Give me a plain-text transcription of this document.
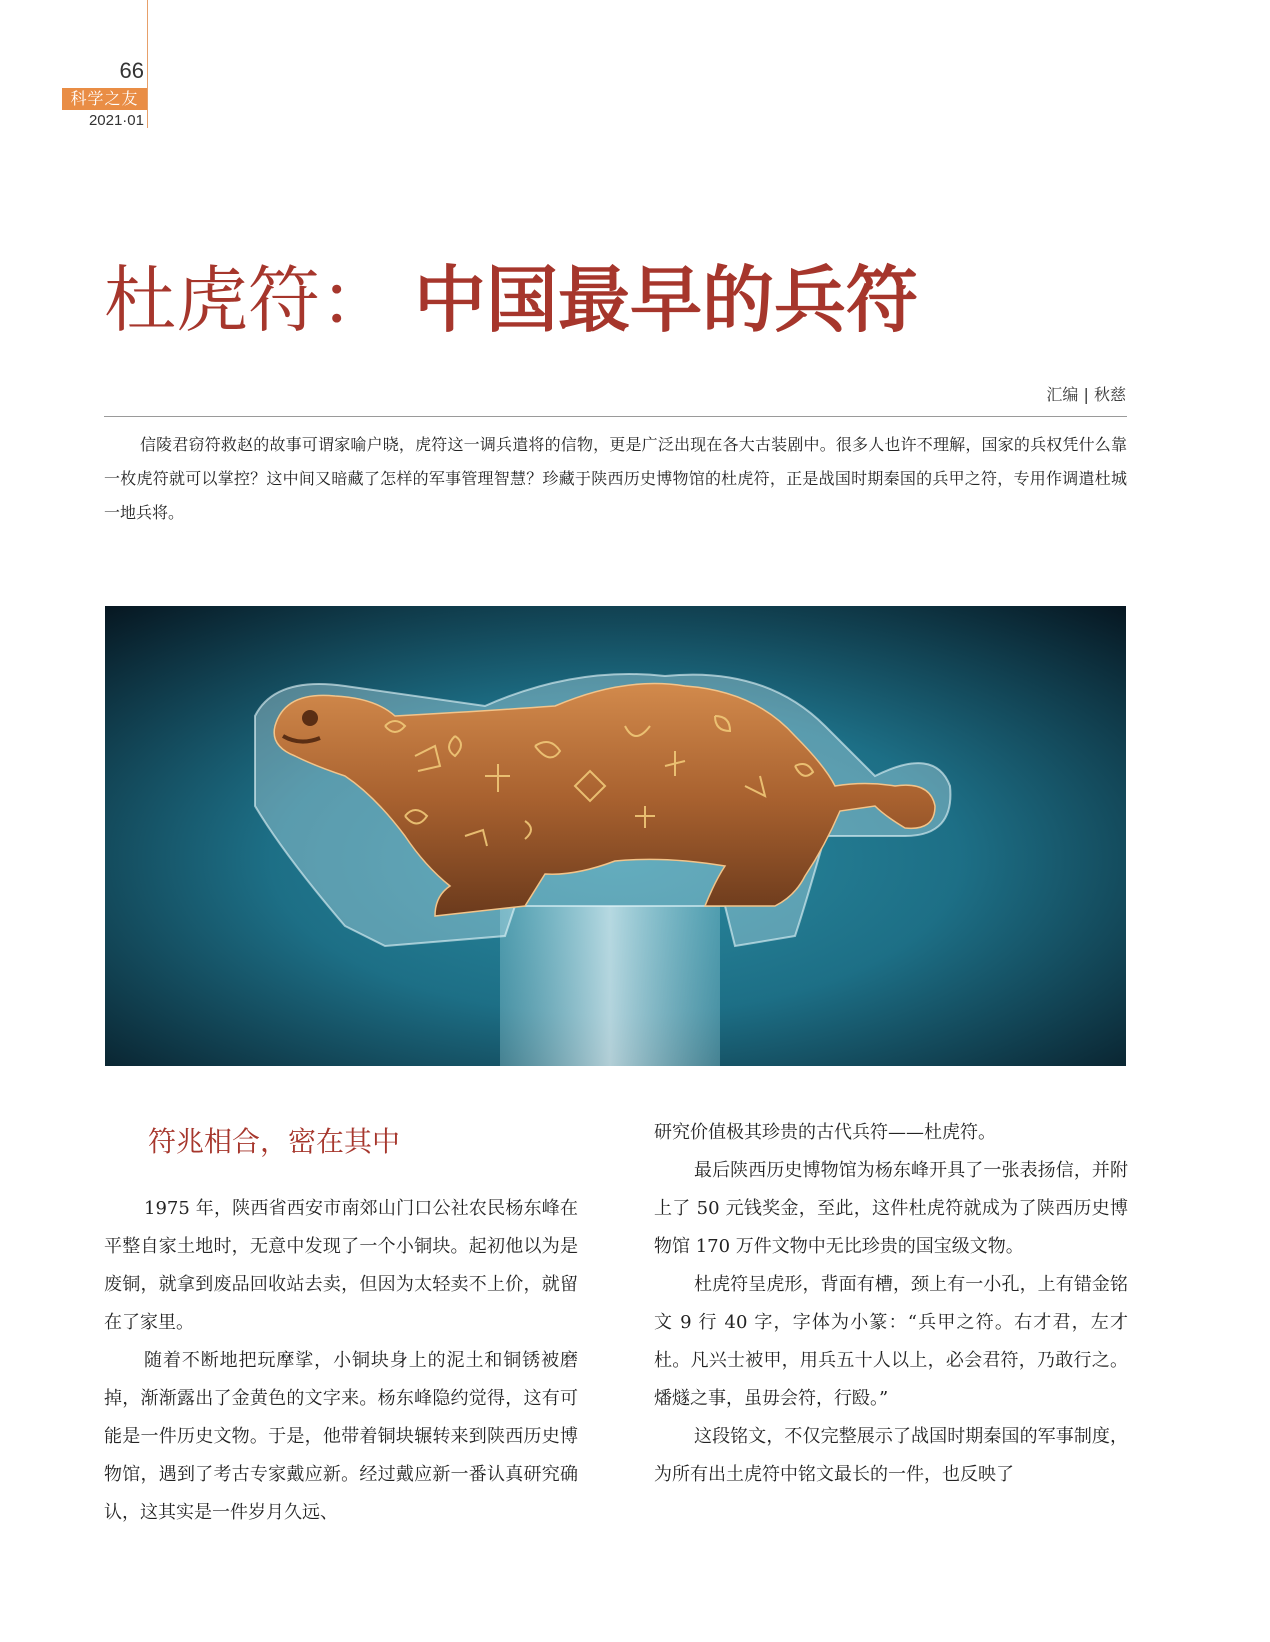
66
科学之友
2021·01
杜虎符： 中国最早的兵符
汇编 | 秋慈

信陵君窃符救赵的故事可谓家喻户晓，虎符这一调兵遣将的信物，更是广泛出现在各大古装剧中。很多人也许不理解，国家的兵权凭什么靠一枚虎符就可以掌控？这中间又暗藏了怎样的军事管理智慧？珍藏于陕西历史博物馆的杜虎符，正是战国时期秦国的兵甲之符，专用作调遣杜城一地兵将。

符兆相合，密在其中

1975 年，陕西省西安市南郊山门口公社农民杨东峰在平整自家土地时，无意中发现了一个小铜块。起初他以为是废铜，就拿到废品回收站去卖，但因为太轻卖不上价，就留在了家里。

随着不断地把玩摩挲，小铜块身上的泥土和铜锈被磨掉，渐渐露出了金黄色的文字来。杨东峰隐约觉得，这有可能是一件历史文物。于是，他带着铜块辗转来到陕西历史博物馆，遇到了考古专家戴应新。经过戴应新一番认真研究确认，这其实是一件岁月久远、

研究价值极其珍贵的古代兵符——杜虎符。

最后陕西历史博物馆为杨东峰开具了一张表扬信，并附上了 50 元钱奖金，至此，这件杜虎符就成为了陕西历史博物馆 170 万件文物中无比珍贵的国宝级文物。

杜虎符呈虎形，背面有槽，颈上有一小孔，上有错金铭文 9 行 40 字，字体为小篆：“兵甲之符。右才君，左才杜。凡兴士被甲，用兵五十人以上，必会君符，乃敢行之。燔燧之事，虽毋会符，行殹。”

这段铭文，不仅完整展示了战国时期秦国的军事制度，为所有出土虎符中铭文最长的一件，也反映了
